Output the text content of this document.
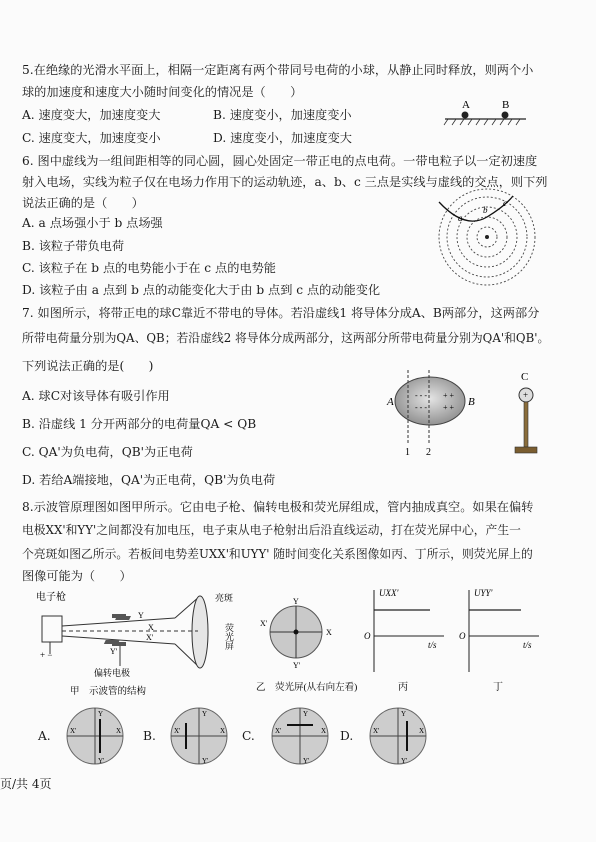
5.在绝缘的光滑水平面上，相隔一定距离有两个带同号电荷的小球，从静止同时释放，则两个小
球的加速度和速度大小随时间变化的情况是（　　）
A. 速度变大，加速度变大	B. 速度变小，加速度变小
C. 速度变大，加速度变小	D. 速度变小，加速度变大
A	B
6. 图中虚线为一组间距相等的同心圆，圆心处固定一带正电的点电荷。一带电粒子以一定初速度
射入电场，实线为粒子仅在电场力作用下的运动轨迹，a、b、c 三点是实线与虚线的交点，则下列
说法正确的是（　　）
A. a 点场强小于 b 点场强
B. 该粒子带负电荷
C. 该粒子在 b 点的电势能小于在 c 点的电势能
D. 该粒子由 a 点到 b 点的动能变化大于由 b 点到 c 点的动能变化
a
b
c
7. 如图所示，将带正电的球C靠近不带电的导体。若沿虚线1 将导体分成A、B两部分，这两部分
所带电荷量分别为QA、QB；若沿虚线2 将导体分成两部分，这两部分所带电荷量分别为QA'和QB'。
下列说法正确的是(　　)
A. 球C对该导体有吸引作用
B. 沿虚线 1 分开两部分的电荷量QA < QB
C. QA'为负电荷，QB'为正电荷
D. 若给A端接地，QA'为正电荷，QB'为负电荷
A	B
1 2
- - - + +
- - - + +
C
+
8.示波管原理图如图甲所示。它由电子枪、偏转电极和荧光屏组成，管内抽成真空。如果在偏转
电极XX'和YY'之间都没有加电压，电子束从电子枪射出后沿直线运动，打在荧光屏中心，产生一
个亮斑如图乙所示。若板间电势差UXX'和UYY' 随时间变化关系图像如丙、丁所示，则荧光屏上的
图像可能为（　　）
电子枪	亮斑
荧光屏
Y
X
X'
Y'
+ −
偏转电极
甲　示波管的结构
Y
Y'
X'
X
乙　荧光屏(从右向左看)
UXX'
O
t/s
丙
UYY'
O
t/s
丁
A.
Y
Y'
X'	X B.
Y
Y'
X'	X C.
Y
Y'
X'	X D.
Y
Y'
X'	X
页/共 4页
